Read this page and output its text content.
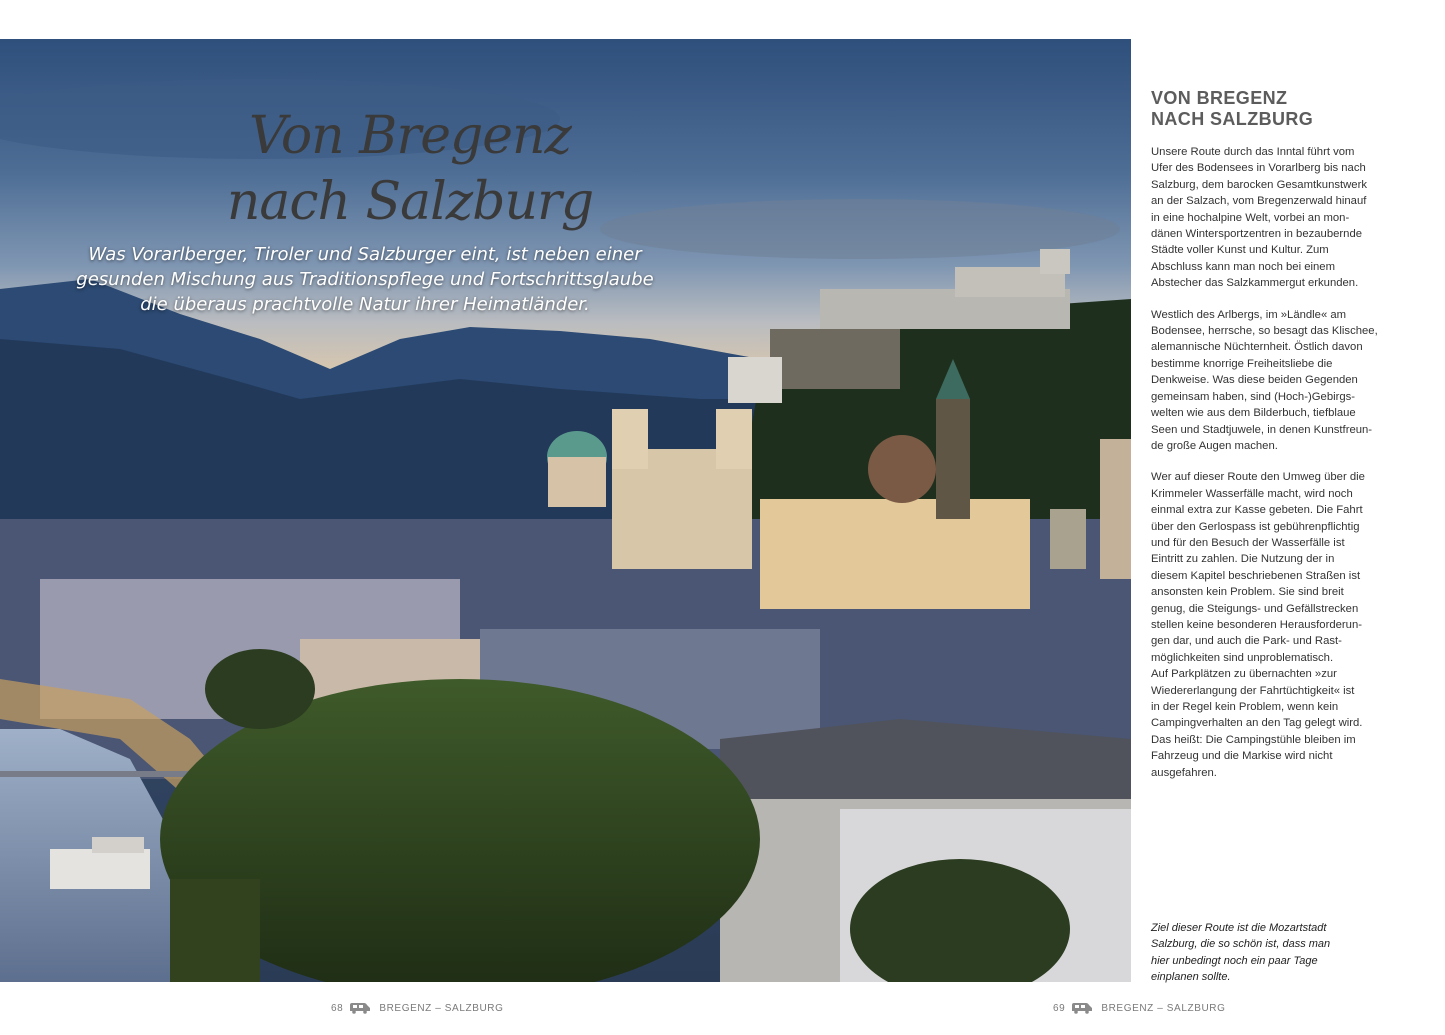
Von Bregenz
nach Salzburg

Was Vorarlberger, Tiroler und Salzburger eint, ist neben einer gesunden Mischung aus Traditionspflege und Fortschrittsglaube die überaus prachtvolle Natur ihrer Heimatländer.

VON BREGENZ
NACH SALZBURG

Unsere Route durch das Inntal führt vom
Ufer des Bodensees in Vorarlberg bis nach
Salzburg, dem barocken Gesamtkunstwerk
an der Salzach, vom Bregenzerwald hinauf
in eine hochalpine Welt, vorbei an mon-
dänen Wintersportzentren in bezaubernde
Städte voller Kunst und Kultur. Zum
Abschluss kann man noch bei einem
Abstecher das Salzkammergut erkunden.

Westlich des Arlbergs, im »Ländle« am
Bodensee, herrsche, so besagt das Klischee,
alemannische Nüchternheit. Östlich davon
bestimme knorrige Freiheitsliebe die
Denkweise. Was diese beiden Gegenden
gemeinsam haben, sind (Hoch-)Gebirgs-
welten wie aus dem Bilderbuch, tiefblaue
Seen und Stadtjuwele, in denen Kunstfreun-
de große Augen machen.

Wer auf dieser Route den Umweg über die
Krimmeler Wasserfälle macht, wird noch
einmal extra zur Kasse gebeten. Die Fahrt
über den Gerlospass ist gebührenpflichtig
und für den Besuch der Wasserfälle ist
Eintritt zu zahlen. Die Nutzung der in
diesem Kapitel beschriebenen Straßen ist
ansonsten kein Problem. Sie sind breit
genug, die Steigungs- und Gefällstrecken
stellen keine besonderen Herausforderun-
gen dar, und auch die Park- und Rast-
möglichkeiten sind unproblematisch.
Auf Parkplätzen zu übernachten »zur
Wiedererlangung der Fahrtüchtigkeit« ist
in der Regel kein Problem, wenn kein
Campingverhalten an den Tag gelegt wird.
Das heißt: Die Campingstühle bleiben im
Fahrzeug und die Markise wird nicht
ausgefahren.

Ziel dieser Route ist die Mozartstadt
Salzburg, die so schön ist, dass man
hier unbedingt noch ein paar Tage
einplanen sollte.

68	BREGENZ – SALZBURG	69	BREGENZ – SALZBURG
